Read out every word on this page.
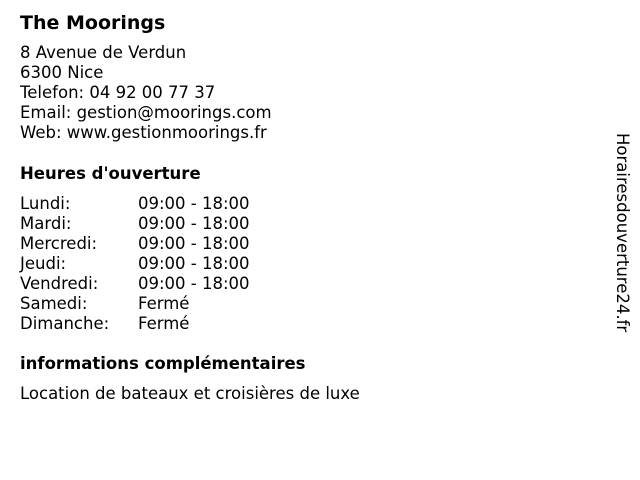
The Moorings
8 Avenue de Verdun
6300 Nice
Telefon: 04 92 00 77 37
Email: gestion@moorings.com
Web: www.gestionmoorings.fr
Heures d'ouverture
Lundi:	09:00 - 18:00
Mardi:	09:00 - 18:00
Mercredi: 09:00 - 18:00
Jeudi:	09:00 - 18:00
Vendredi: 09:00 - 18:00
Samedi:	Fermé
Dimanche: Fermé
informations complémentaires
Location de bateaux et croisières de luxe
Horairesdouverture24.fr
